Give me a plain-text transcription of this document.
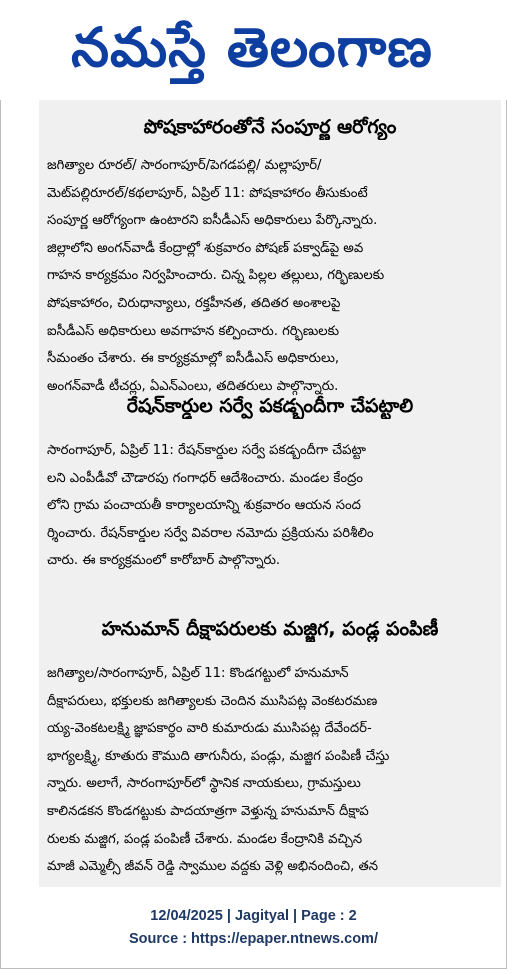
నమస్తే తెలంగాణ
పోషకాహారంతోనే సంపూర్ణ ఆరోగ్యం
జగిత్యాల రూరల్/ సారంగాపూర్/పెగడపల్లి/ మల్లాపూర్/
మెట్‌పల్లిరూరల్/కథలాపూర్, ఏప్రిల్ 11: పోషకాహారం తీసుకుంటే
సంపూర్ణ ఆరోగ్యంగా ఉంటారని ఐసీడీఎస్ అధికారులు పేర్కొన్నారు.
జిల్లాలోని అంగన్‌వాడీ కేంద్రాల్లో శుక్రవారం పోషణ్ పక్వాడ్‌పై అవ
గాహన కార్యక్రమం నిర్వహించారు. చిన్న పిల్లల తల్లులు, గర్భిణులకు
పోషకాహారం, చిరుధాన్యాలు, రక్తహీనత, తదితర అంశాలపై
ఐసీడీఎస్ అధికారులు అవగాహన కల్పించారు. గర్భిణులకు
సీమంతం చేశారు. ఈ కార్యక్రమాల్లో ఐసీడీఎస్ అధికారులు,
అంగన్‌వాడీ టీచర్లు, ఏఎన్‌ఎంలు, తదితరులు పాల్గొన్నారు.
రేషన్‌కార్డుల సర్వే పకడ్బందీగా చేపట్టాలి
సారంగాపూర్, ఏప్రిల్ 11: రేషన్‌కార్డుల సర్వే పకడ్బందీగా చేపట్టా
లని ఎంపీడీవో చౌడారపు గంగాధర్ ఆదేశించారు. మండల కేంద్రం
లోని గ్రామ పంచాయతీ కార్యాలయాన్ని శుక్రవారం ఆయన సంద
ర్శించారు. రేషన్‌కార్డుల సర్వే వివరాల నమోదు ప్రక్రియను పరిశీలిం
చారు. ఈ కార్యక్రమంలో కారోబార్ పాల్గొన్నారు.
హనుమాన్ దీక్షాపరులకు మజ్జిగ, పండ్ల పంపిణీ
జగిత్యాల/సారంగాపూర్, ఏప్రిల్ 11: కొండగట్టులో హనుమాన్
దీక్షాపరులు, భక్తులకు జగిత్యాలకు చెందిన ముసిపట్ల వెంకటరమణ
య్య-వెంకటలక్ష్మి జ్ఞాపకార్థం వారి కుమారుడు ముసిపట్ల దేవేందర్-
భాగ్యలక్ష్మి, కూతురు కౌముది తాగునీరు, పండ్లు, మజ్జిగ పంపిణీ చేస్తు
న్నారు. అలాగే, సారంగాపూర్‌లో స్థానిక నాయకులు, గ్రామస్తులు
కాలినడకన కొండగట్టుకు పాదయాత్రగా వెళ్తున్న హనుమాన్ దీక్షాప
రులకు మజ్జిగ, పండ్ల పంపిణీ చేశారు. మండల కేంద్రానికి వచ్చిన
మాజీ ఎమ్మెల్సీ జీవన్ రెడ్డి స్వాముల వద్దకు వెళ్లి అభినందించి, తన
12/04/2025 | Jagityal | Page : 2
Source : https://epaper.ntnews.com/
